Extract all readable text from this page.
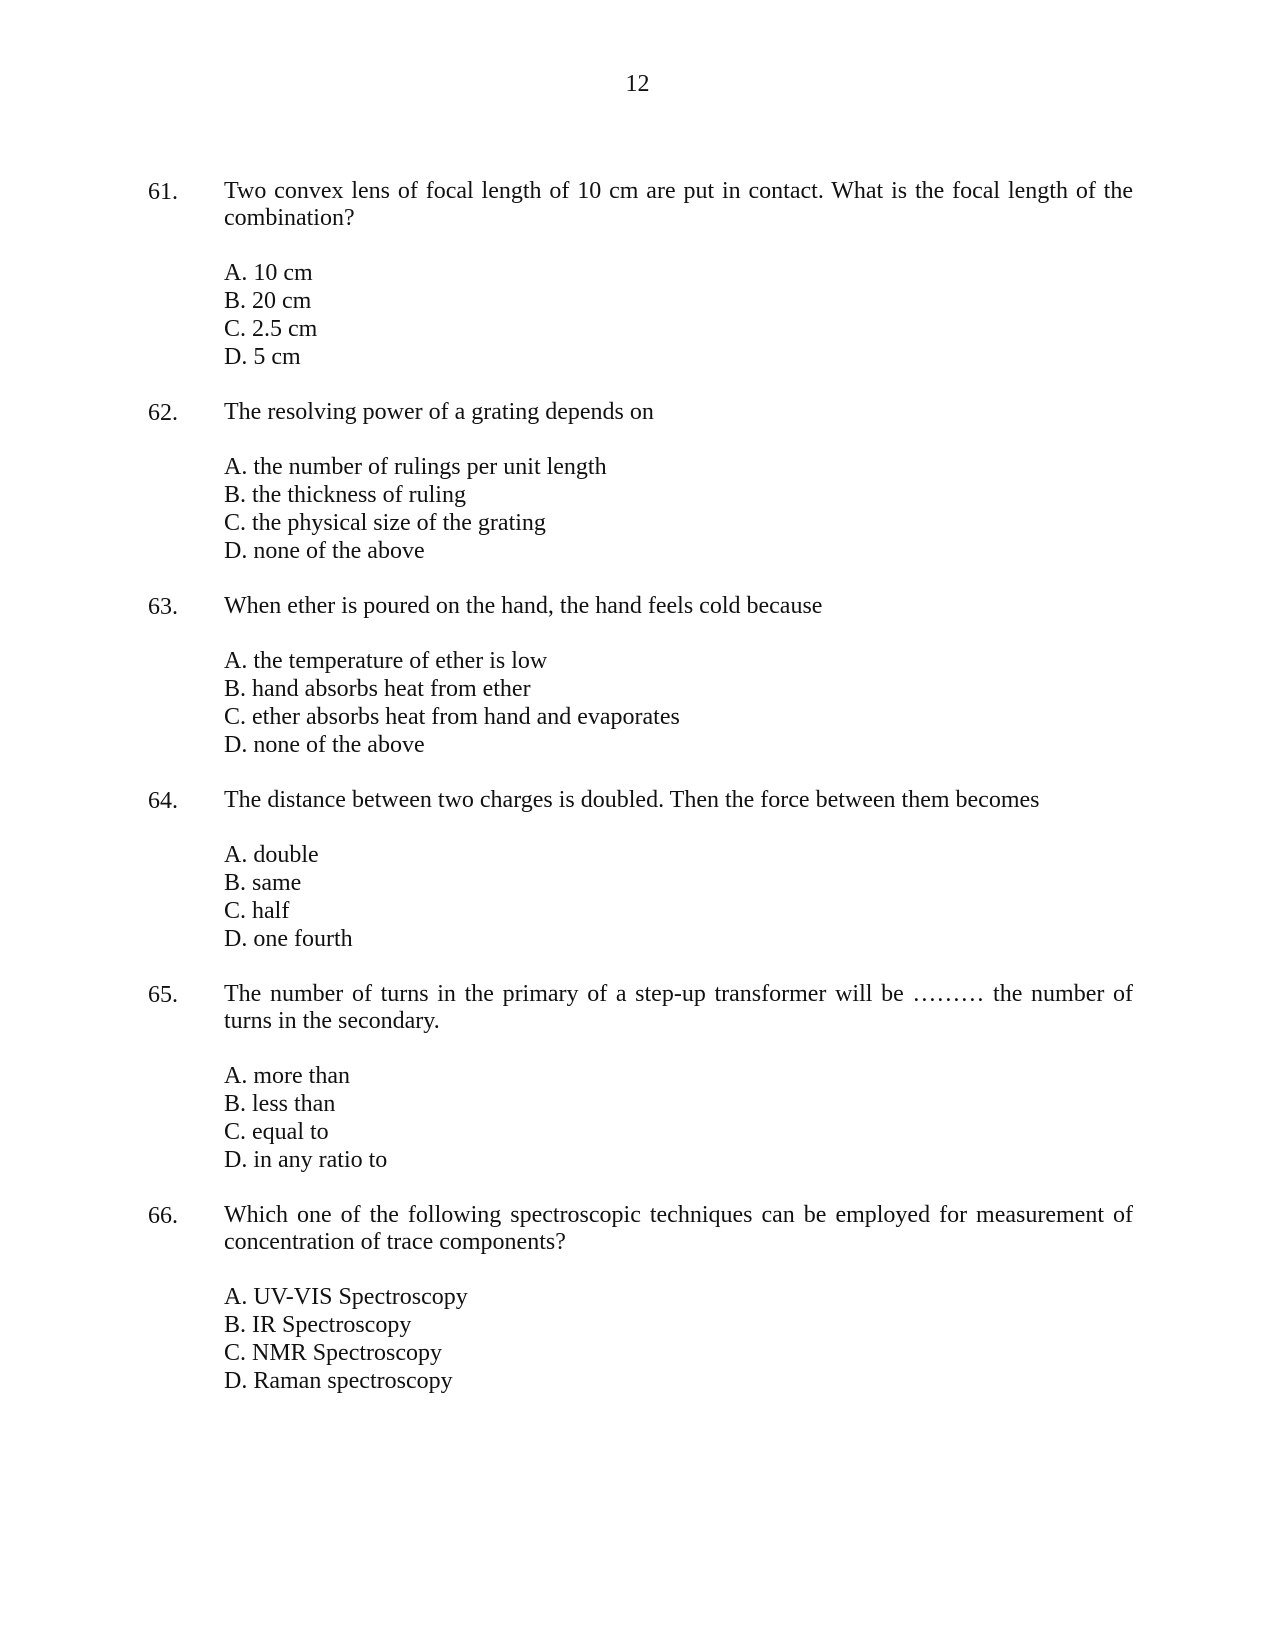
12
61. Two convex lens of focal length of 10 cm are put in contact. What is the focal length of the combination?

A. 10 cm

B. 20 cm

C. 2.5 cm

D. 5 cm

62. The resolving power of a grating depends on

A. the number of rulings per unit length

B. the thickness of ruling

C. the physical size of the grating

D. none of the above

63. When ether is poured on the hand, the hand feels cold because

A. the temperature of ether is low

B. hand absorbs heat from ether

C. ether absorbs heat from hand and evaporates

D. none of the above

64. The distance between two charges is doubled. Then the force between them becomes

A. double

B. same

C. half

D. one fourth

65. The number of turns in the primary of a step-up transformer will be ……… the number of turns in the secondary.

A. more than

B. less than

C. equal to

D. in any ratio to

66. Which one of the following spectroscopic techniques can be employed for measurement of concentration of trace components?

A. UV-VIS Spectroscopy

B. IR Spectroscopy

C. NMR Spectroscopy

D. Raman spectroscopy
